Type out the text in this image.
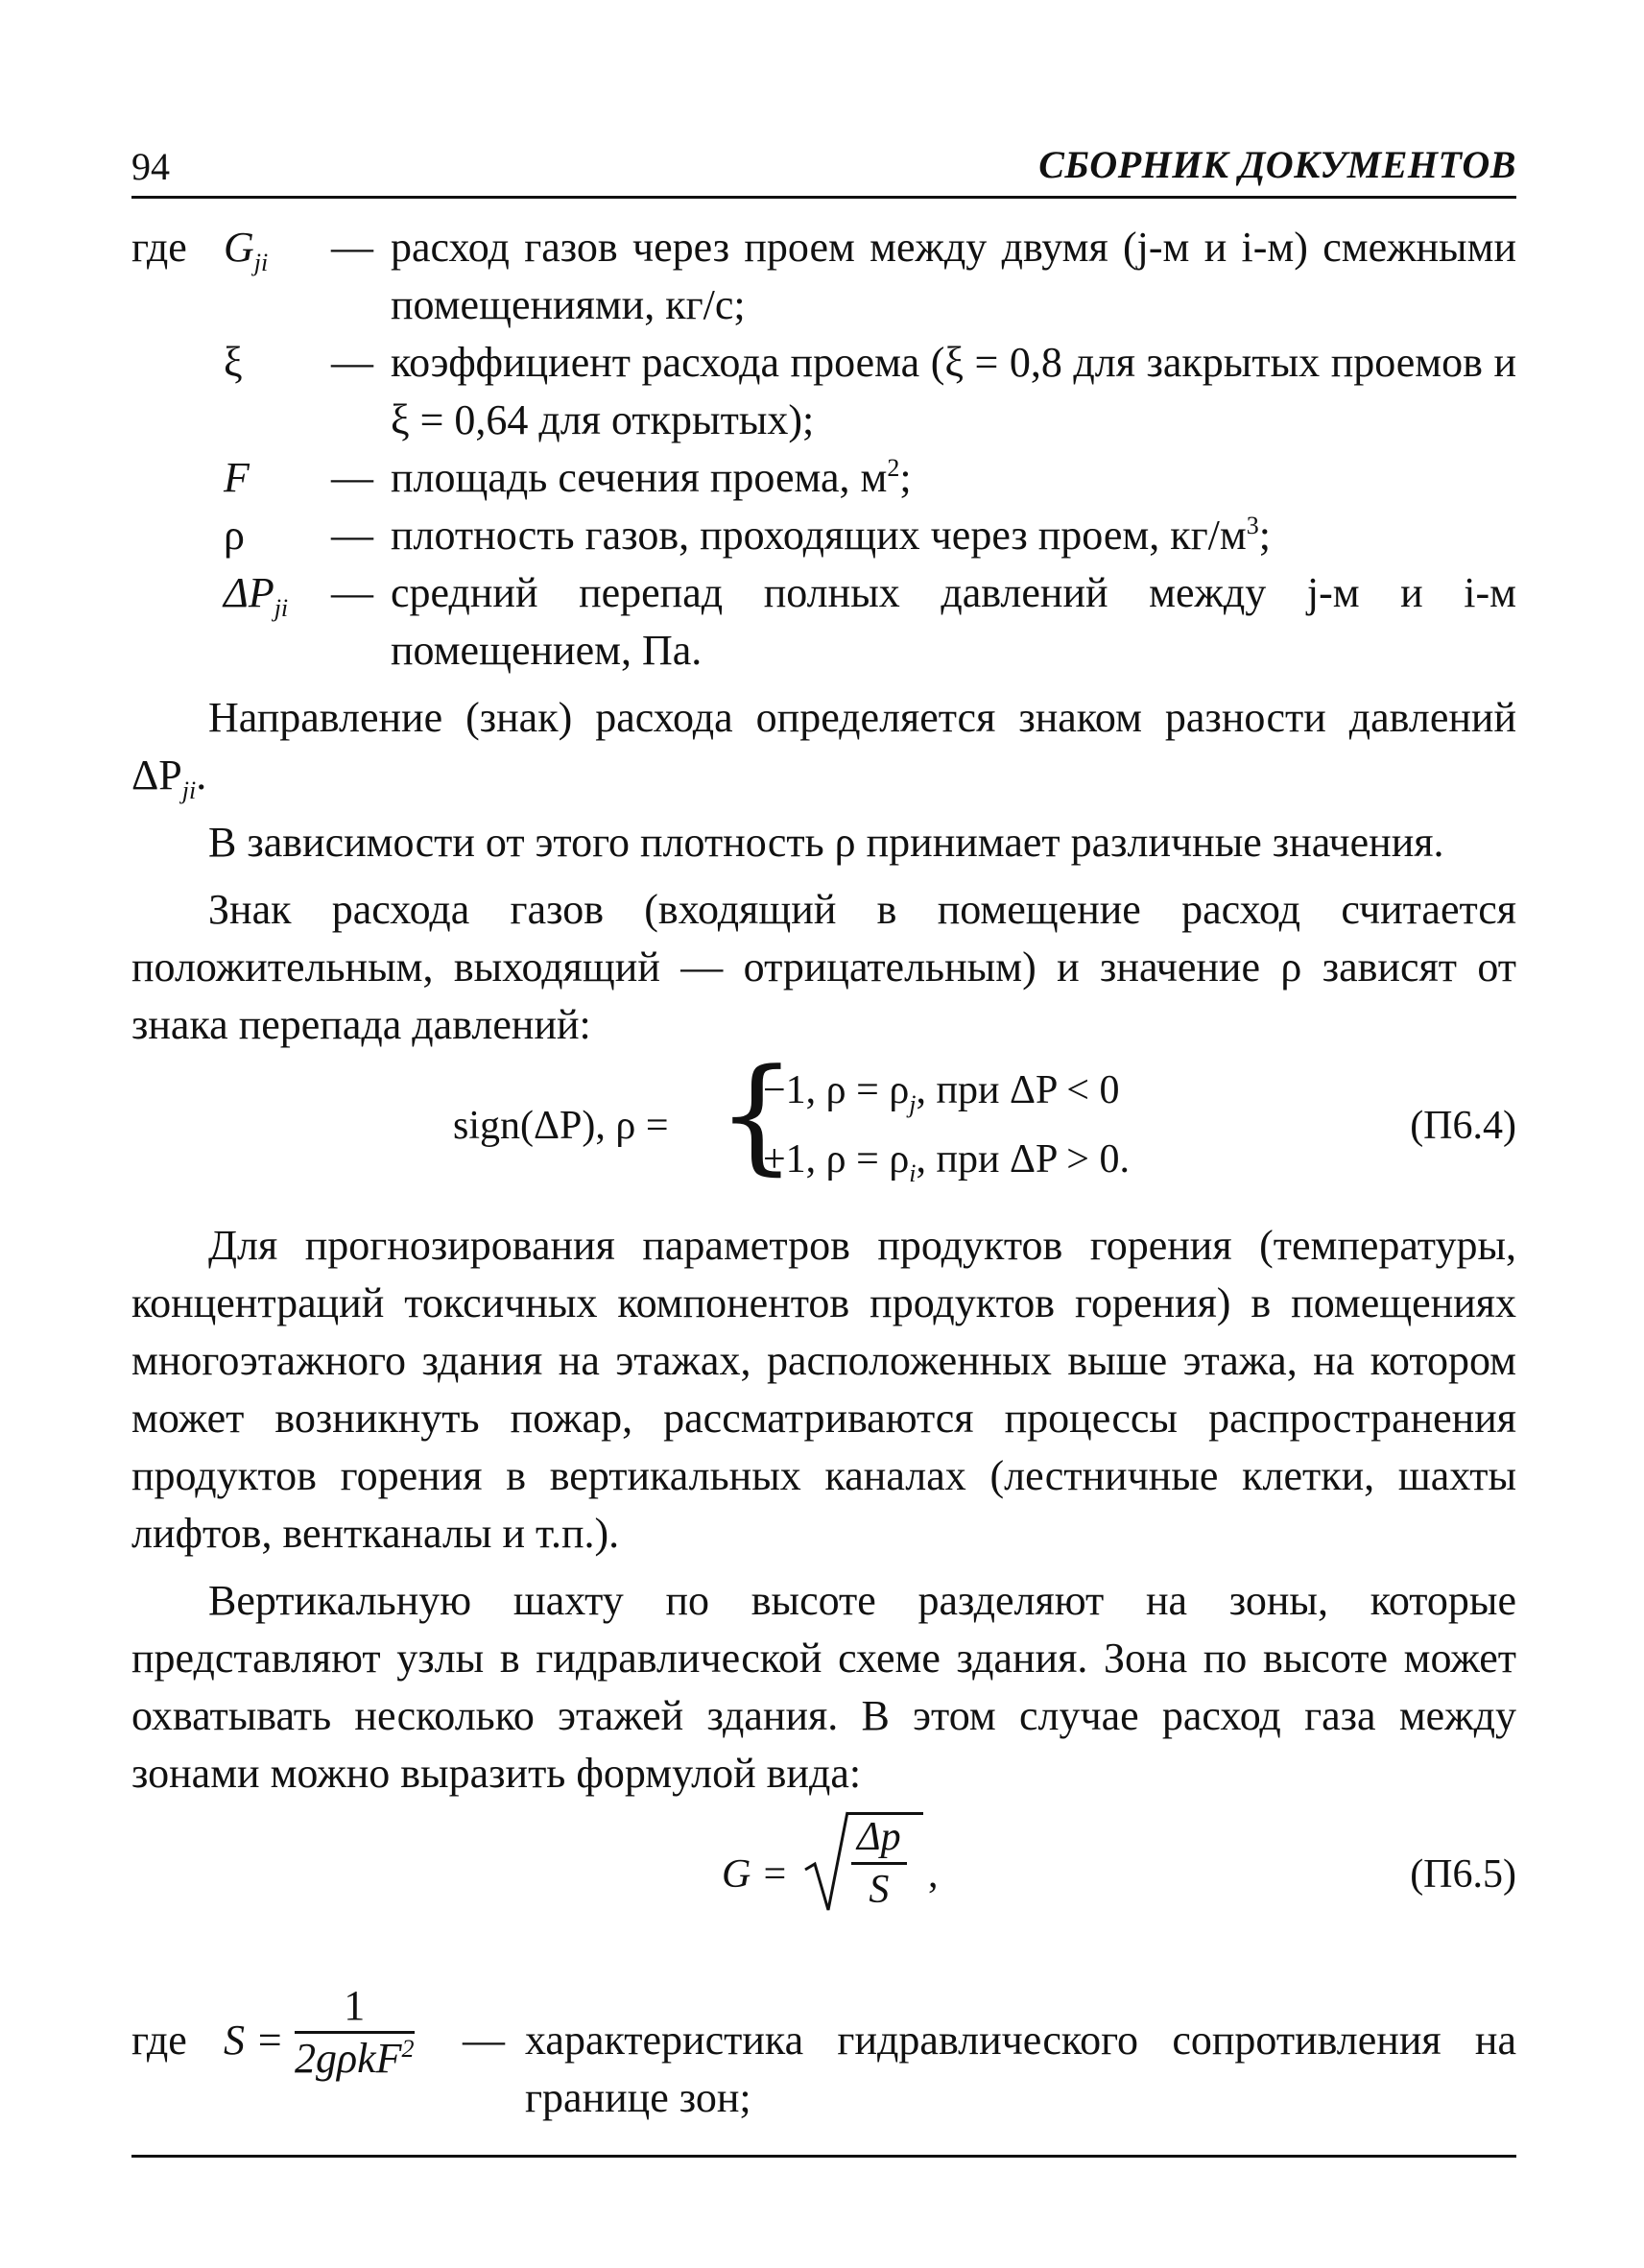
94	СБОРНИК ДОКУМЕНТОВ
где $G_{ji}$	— расход газов через проем между двумя (j-м и i-м) смежными помещениями, кг/с;
ξ	— коэффициент расхода проема (ξ = 0,8 для закрытых проемов и ξ = 0,64 для открытых);
F	— площадь сечения проема, $м^2$;
ρ	— плотность газов, проходящих через проем, $кг/м^3$;
$\Delta P_{ji}$	— средний перепад полных давлений между j-м и i-м помещением, Па.

Направление (знак) расхода определяется знаком разности давлений $\Delta P_{ji}$.

В зависимости от этого плотность ρ принимает различные значения.

Знак расхода газов (входящий в помещение расход считается положительным, выходящий — отрицательным) и значение ρ зависят от знака перепада давлений:

sign(ΔP), ρ = {
−1, $\rho = \rho_j$, при ΔP < 0
+1, $\rho = \rho_i$, при ΔP > 0.
(П6.4)

Для прогнозирования параметров продуктов горения (температуры, концентраций токсичных компонентов продуктов горения) в помещениях многоэтажного здания на этажах, расположенных выше этажа, на котором может возникнуть пожар, рассматриваются процессы распространения продуктов горения в вертикальных каналах (лестничные клетки, шахты лифтов, вентканалы и т.п.).

Вертикальную шахту по высоте разделяют на зоны, которые представляют узлы в гидравлической схеме здания. Зона по высоте может охватывать несколько этажей здания. В этом случае расход газа между зонами можно выразить формулой вида:

$G = \frac{\Delta p}{S}$ ,	(П6.5)
где S =
1
2gρkF$^2$ — характеристика гидравлического сопротивления на границе зон;
